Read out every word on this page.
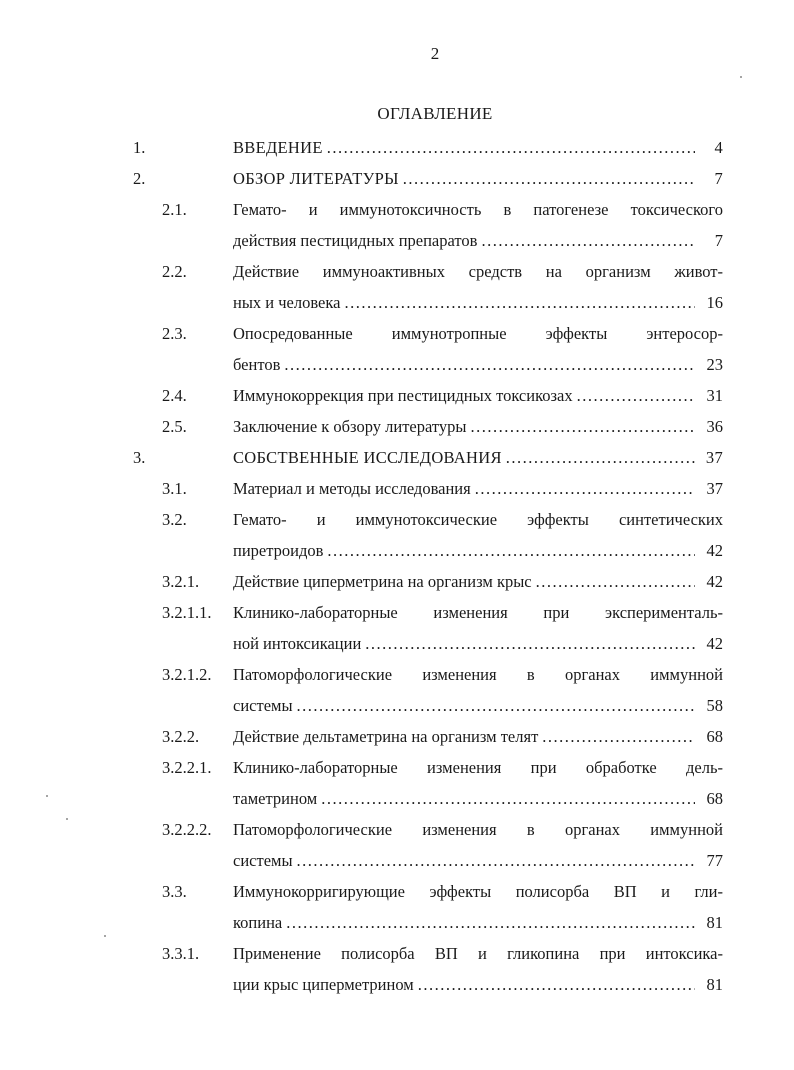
2
ОГЛАВЛЕНИЕ
1.	ВВЕДЕНИЕ .....	4
2.	ОБЗОР ЛИТЕРАТУРЫ .....	7
2.1.	Гемато- и иммунотоксичность в патогенезе токсического
действия пестицидных препаратов .....	7
2.2.	Действие иммуноактивных средств на организм живот-
ных и человека .....	16
2.3.	Опосредованные иммунотропные эффекты энтеросор-
бентов .....	23
2.4.	Иммунокоррекция при пестицидных токсикозах .....	31
2.5.	Заключение к обзору литературы .....	36
3.	СОБСТВЕННЫЕ ИССЛЕДОВАНИЯ .....	37
3.1.	Материал и методы исследования .....	37
3.2.	Гемато- и иммунотоксические эффекты синтетических
пиретроидов .....	42
3.2.1. Действие циперметрина на организм крыс .....	42
3.2.1.1. Клинико-лабораторные изменения при эксперименталь-
ной интоксикации .....	42
3.2.1.2. Патоморфологические изменения в органах иммунной
системы .....	58
3.2.2. Действие дельтаметрина на организм телят .....	68
3.2.2.1. Клинико-лабораторные изменения при обработке дель-
таметрином .....	68
3.2.2.2. Патоморфологические изменения в органах иммунной
системы .....	77
3.3.	Иммунокорригирующие эффекты полисорба ВП и гли-
копина .....	81
3.3.1. Применение полисорба ВП и гликопина при интоксика-
ции крыс циперметрином .....	81
